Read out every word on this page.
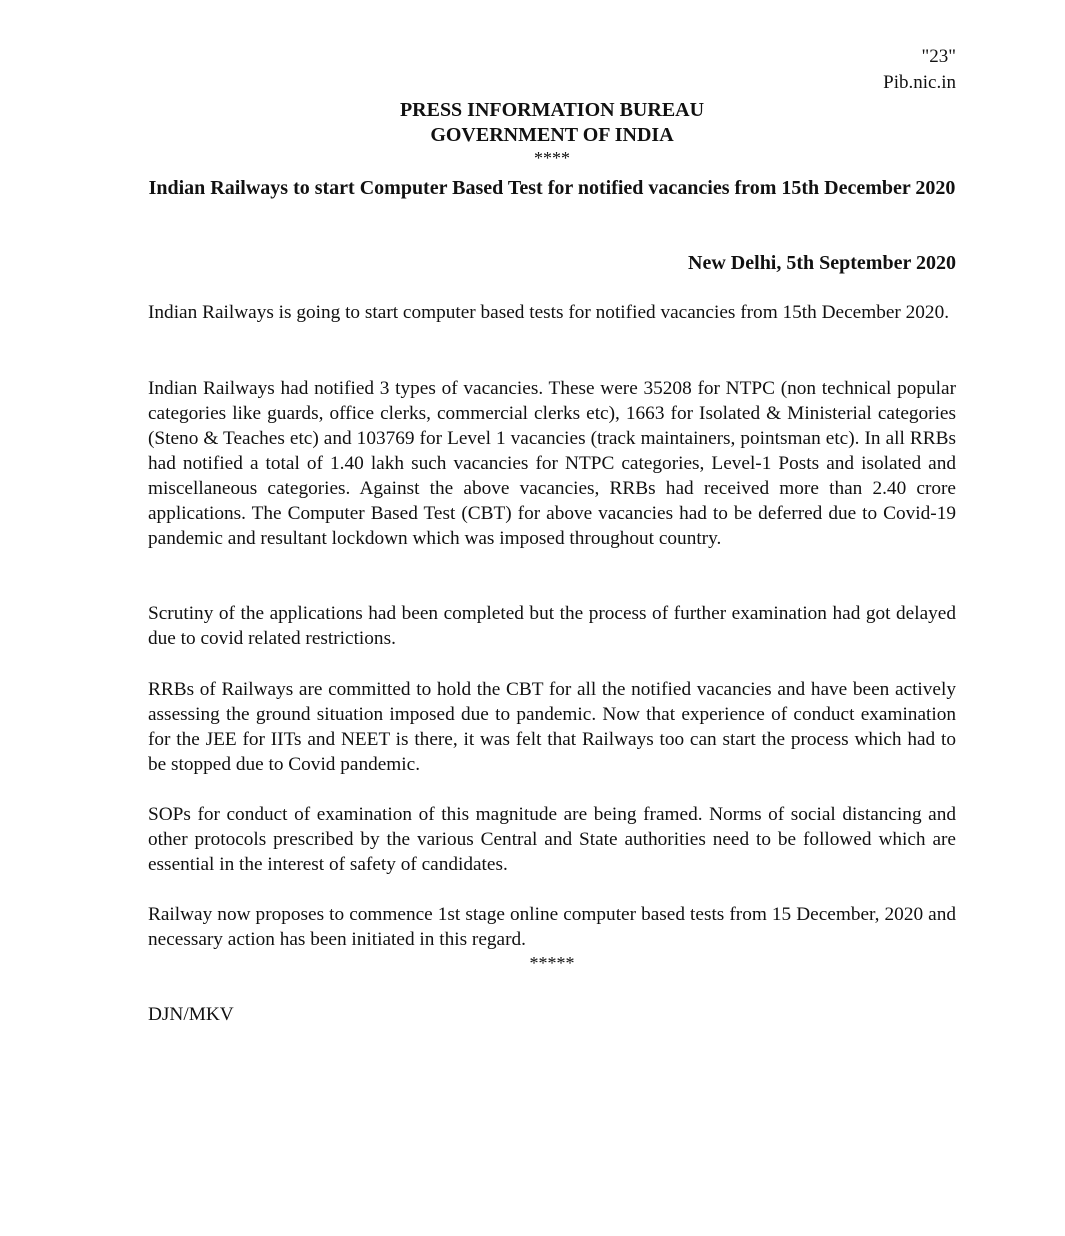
"23"
Pib.nic.in
PRESS INFORMATION BUREAU
GOVERNMENT OF INDIA
****
Indian Railways to start Computer Based Test for notified vacancies from 15th December 2020
New Delhi, 5th September 2020

Indian Railways is going to start computer based tests for notified vacancies from 15th December 2020.

Indian Railways had notified 3 types of vacancies. These were 35208 for NTPC (non technical popular categories like guards, office clerks, commercial clerks etc), 1663 for Isolated & Ministerial categories (Steno & Teaches etc) and 103769 for Level 1 vacancies (track maintainers, pointsman etc). In all RRBs had notified a total of 1.40 lakh such vacancies for NTPC categories, Level-1 Posts and isolated and miscellaneous categories. Against the above vacancies, RRBs had received more than 2.40 crore applications. The Computer Based Test (CBT) for above vacancies had to be deferred due to Covid-19 pandemic and resultant lockdown which was imposed throughout country.

Scrutiny of the applications had been completed but the process of further examination had got delayed due to covid related restrictions.

RRBs of Railways are committed to hold the CBT for all the notified vacancies and have been actively assessing the ground situation imposed due to pandemic. Now that experience of conduct examination for the JEE for IITs and NEET is there, it was felt that Railways too can start the process which had to be stopped due to Covid pandemic.

SOPs for conduct of examination of this magnitude are being framed. Norms of social distancing and other protocols prescribed by the various Central and State authorities need to be followed which are essential in the interest of safety of candidates.

Railway now proposes to commence 1st stage online computer based tests from 15 December, 2020 and necessary action has been initiated in this regard.

*****
DJN/MKV
